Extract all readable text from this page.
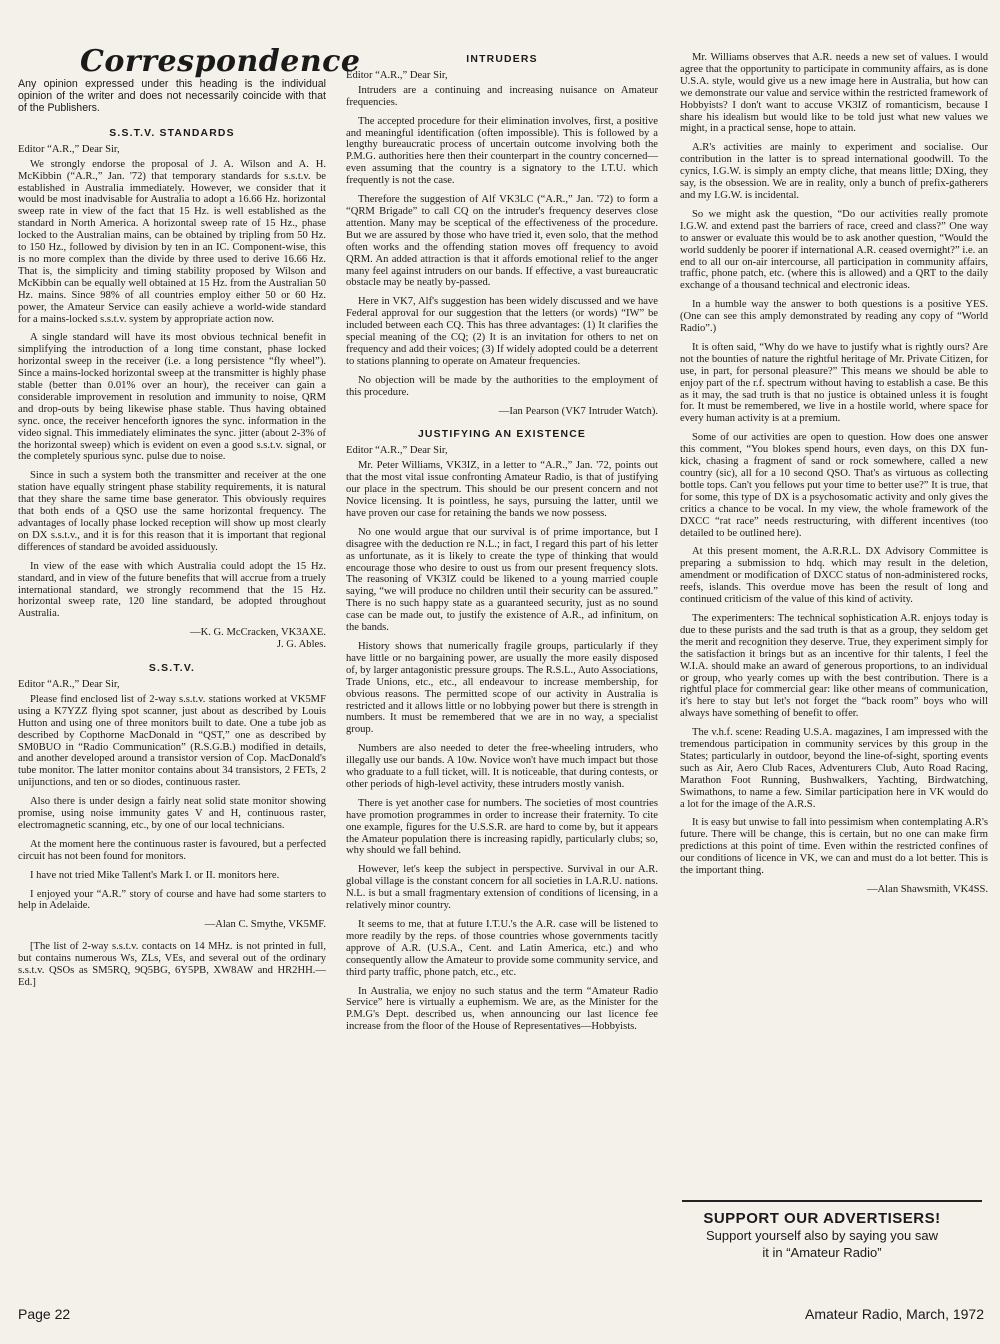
Correspondence
Any opinion expressed under this heading is the individual opinion of the writer and does not necessarily coincide with that of the Publishers.
S.S.T.V. STANDARDS
Editor “A.R.,” Dear Sir,

We strongly endorse the proposal of J. A. Wilson and A. H. McKibbin (“A.R.,” Jan. '72) that temporary standards for s.s.t.v. be established in Australia immediately. However, we consider that it would be most inadvisable for Australia to adopt a 16.66 Hz. horizontal sweep rate in view of the fact that 15 Hz. is well established as the standard in North America. A horizontal sweep rate of 15 Hz., phase locked to the Australian mains, can be obtained by tripling from 50 Hz. to 150 Hz., followed by division by ten in an IC. Component-wise, this is no more complex than the divide by three used to derive 16.66 Hz. That is, the simplicity and timing stability proposed by Wilson and McKibbin can be equally well obtained at 15 Hz. from the Australian 50 Hz. mains. Since 98% of all countries employ either 50 or 60 Hz. power, the Amateur Service can easily achieve a world-wide standard for a mains-locked s.s.t.v. system by appropriate action now.

A single standard will have its most obvious technical benefit in simplifying the introduction of a long time constant, phase locked horizontal sweep in the receiver (i.e. a long persistence “fly wheel”). Since a mains-locked horizontal sweep at the transmitter is highly phase stable (better than 0.01% over an hour), the receiver can gain a considerable improvement in resolution and immunity to noise, QRM and drop-outs by being likewise phase stable. Thus having obtained sync. once, the receiver henceforth ignores the sync. information in the video signal. This immediately eliminates the sync. jitter (about 2-3% of the horizontal sweep) which is evident on even a good s.s.t.v. signal, or the completely spurious sync. pulse due to noise.

Since in such a system both the transmitter and receiver at the one station have equally stringent phase stability requirements, it is natural that they share the same time base generator. This obviously requires that both ends of a QSO use the same horizontal frequency. The advantages of locally phase locked reception will show up most clearly on DX s.s.t.v., and it is for this reason that it is important that regional differences of standard be avoided assiduously.

In view of the ease with which Australia could adopt the 15 Hz. standard, and in view of the future benefits that will accrue from a truely international standard, we strongly recommend that the 15 Hz. horizontal sweep rate, 120 line standard, be adopted throughout Australia.

—K. G. McCracken, VK3AXE.
J. G. Ables.
S.S.T.V.
Editor “A.R.,” Dear Sir,

Please find enclosed list of 2-way s.s.t.v. stations worked at VK5MF using a K7YZZ flying spot scanner, just about as described by Louis Hutton and using one of three monitors built to date. One a tube job as described by Copthorne MacDonald in “QST,” one as described by SM0BUO in “Radio Communication” (R.S.G.B.) modified in details, and another developed around a transistor version of Cop. MacDonald's tube monitor. The latter monitor contains about 34 transistors, 2 FETs, 2 unijunctions, and ten or so diodes, continuous raster.

Also there is under design a fairly neat solid state monitor showing promise, using noise immunity gates V and H, continuous raster, electromagnetic scanning, etc., by one of our local technicians.

At the moment here the continuous raster is favoured, but a perfected circuit has not been found for monitors.

I have not tried Mike Tallent's Mark I. or II. monitors here.

I enjoyed your “A.R.” story of course and have had some starters to help in Adelaide.

—Alan C. Smythe, VK5MF.

[The list of 2-way s.s.t.v. contacts on 14 MHz. is not printed in full, but contains numerous Ws, ZLs, VEs, and several out of the ordinary s.s.t.v. QSOs as SM5RQ, 9Q5BG, 6Y5PB, XW8AW and HR2HH.—Ed.]

INTRUDERS
Editor “A.R.,” Dear Sir,

Intruders are a continuing and increasing nuisance on Amateur frequencies.

The accepted procedure for their elimination involves, first, a positive and meaningful identification (often impossible). This is followed by a lengthy bureaucratic process of uncertain outcome involving both the P.M.G. authorities here then their counterpart in the country concerned—even assuming that the country is a signatory to the I.T.U. which frequently is not the case.

Therefore the suggestion of Alf VK3LC (“A.R.,” Jan. '72) to form a “QRM Brigade” to call CQ on the intruder's frequency deserves close attention. Many may be sceptical of the effectiveness of the procedure. But we are assured by those who have tried it, even solo, that the method often works and the offending station moves off frequency to avoid QRM. An added attraction is that it affords emotional relief to the anger many feel against intruders on our bands. If effective, a vast bureaucratic obstacle may be neatly by-passed.

Here in VK7, Alf's suggestion has been widely discussed and we have Federal approval for our suggestion that the letters (or words) “IW” be included between each CQ. This has three advantages: (1) It clarifies the special meaning of the CQ; (2) It is an invitation for others to net on frequency and add their voices; (3) If widely adopted could be a deterrent to stations planning to operate on Amateur frequencies.

No objection will be made by the authorities to the employment of this procedure.

—Ian Pearson (VK7 Intruder Watch).
JUSTIFYING AN EXISTENCE
Editor “A.R.,” Dear Sir,

Mr. Peter Williams, VK3IZ, in a letter to “A.R.,” Jan. '72, points out that the most vital issue confronting Amateur Radio, is that of justifying our place in the spectrum. This should be our present concern and not Novice licensing. It is pointless, he says, pursuing the latter, until we have proven our case for retaining the bands we now possess.

No one would argue that our survival is of prime importance, but I disagree with the deduction re N.L.; in fact, I regard this part of his letter as unfortunate, as it is likely to create the type of thinking that would encourage those who desire to oust us from our present frequency slots. The reasoning of VK3IZ could be likened to a young married couple saying, “we will produce no children until their security can be assured.” There is no such happy state as a guaranteed security, just as no sound case can be made out, to justify the existence of A.R., ad infinitum, on the bands.

History shows that numerically fragile groups, particularly if they have little or no bargaining power, are usually the more easily disposed of, by larger antagonistic pressure groups. The R.S.L., Auto Associations, Trade Unions, etc., etc., all endeavour to increase membership, for obvious reasons. The permitted scope of our activity in Australia is restricted and it allows little or no lobbying power but there is strength in numbers. It must be remembered that we are in no way, a specialist group.

Numbers are also needed to deter the free-wheeling intruders, who illegally use our bands. A 10w. Novice won't have much impact but those who graduate to a full ticket, will. It is noticeable, that during contests, or other periods of high-level activity, these intruders mostly vanish.

There is yet another case for numbers. The societies of most countries have promotion programmes in order to increase their fraternity. To cite one example, figures for the U.S.S.R. are hard to come by, but it appears the Amateur population there is increasing rapidly, particularly clubs; so, why should we fall behind.

However, let's keep the subject in perspective. Survival in our A.R. global village is the constant concern for all societies in I.A.R.U. nations. N.L. is but a small fragmentary extension of conditions of licensing, in a relatively minor country.

It seems to me, that at future I.T.U.'s the A.R. case will be listened to more readily by the reps. of those countries whose governments tacitly approve of A.R. (U.S.A., Cent. and Latin America, etc.) and who consequently allow the Amateur to provide some community service, and third party traffic, phone patch, etc., etc.

In Australia, we enjoy no such status and the term “Amateur Radio Service” here is virtually a euphemism. We are, as the Minister for the P.M.G's Dept. described us, when announcing our last licence fee increase from the floor of the House of Representatives—Hobbyists.

Mr. Williams observes that A.R. needs a new set of values. I would agree that the opportunity to participate in community affairs, as is done U.S.A. style, would give us a new image here in Australia, but how can we demonstrate our value and service within the restricted framework of Hobbyists? I don't want to accuse VK3IZ of romanticism, because I share his idealism but would like to be told just what new values we might, in a practical sense, hope to attain.

A.R's activities are mainly to experiment and socialise. Our contribution in the latter is to spread international goodwill. To the cynics, I.G.W. is simply an empty cliche, that means little; DXing, they say, is the obsession. We are in reality, only a bunch of prefix-gatherers and my I.G.W. is incidental.

So we might ask the question, “Do our activities really promote I.G.W. and extend past the barriers of race, creed and class?” One way to answer or evaluate this would be to ask another question, “Would the world suddenly be poorer if international A.R. ceased overnight?” i.e. an end to all our on-air intercourse, all participation in community affairs, traffic, phone patch, etc. (where this is allowed) and a QRT to the daily exchange of a thousand technical and electronic ideas.

In a humble way the answer to both questions is a positive YES. (One can see this amply demonstrated by reading any copy of “World Radio”.)

It is often said, “Why do we have to justify what is rightly ours? Are not the bounties of nature the rightful heritage of Mr. Private Citizen, for use, in part, for personal pleasure?” This means we should be able to enjoy part of the r.f. spectrum without having to establish a case. Be this as it may, the sad truth is that no justice is obtained unless it is fought for. It must be remembered, we live in a hostile world, where space for every human activity is at a premium.

Some of our activities are open to question. How does one answer this comment, “You blokes spend hours, even days, on this DX fun-kick, chasing a fragment of sand or rock somewhere, called a new country (sic), all for a 10 second QSO. That's as virtuous as collecting bottle tops. Can't you fellows put your time to better use?” It is true, that for some, this type of DX is a psychosomatic activity and only gives the critics a chance to be vocal. In my view, the whole framework of the DXCC “rat race” needs restructuring, with different incentives (too detailed to be outlined here).

At this present moment, the A.R.R.L. DX Advisory Committee is preparing a submission to hdq. which may result in the deletion, amendment or modification of DXCC status of non-administered rocks, reefs, islands. This overdue move has been the result of long and continued criticism of the value of this kind of activity.

The experimenters: The technical sophistication A.R. enjoys today is due to these purists and the sad truth is that as a group, they seldom get the merit and recognition they deserve. True, they experiment simply for the satisfaction it brings but as an incentive for thir talents, I feel the W.I.A. should make an award of generous proportions, to an individual or group, who yearly comes up with the best contribution. There is a rightful place for commercial gear: like other means of communication, it's here to stay but let's not forget the “back room” boys who will always have something of benefit to offer.

The v.h.f. scene: Reading U.S.A. magazines, I am impressed with the tremendous participation in community services by this group in the States; particularly in outdoor, beyond the line-of-sight, sporting events such as Air, Aero Club Races, Adventurers Club, Auto Road Racing, Marathon Foot Running, Bushwalkers, Yachting, Birdwatching, Swimathons, to name a few. Similar participation here in VK would do a lot for the image of the A.R.S.

It is easy but unwise to fall into pessimism when contemplating A.R's future. There will be change, this is certain, but no one can make firm predictions at this point of time. Even within the restricted confines of our conditions of licence in VK, we can and must do a lot better. This is the important thing.

—Alan Shawsmith, VK4SS.
SUPPORT OUR ADVERTISERS!
Support yourself also by saying you saw
it in “Amateur Radio”
Page 22	Amateur Radio, March, 1972
